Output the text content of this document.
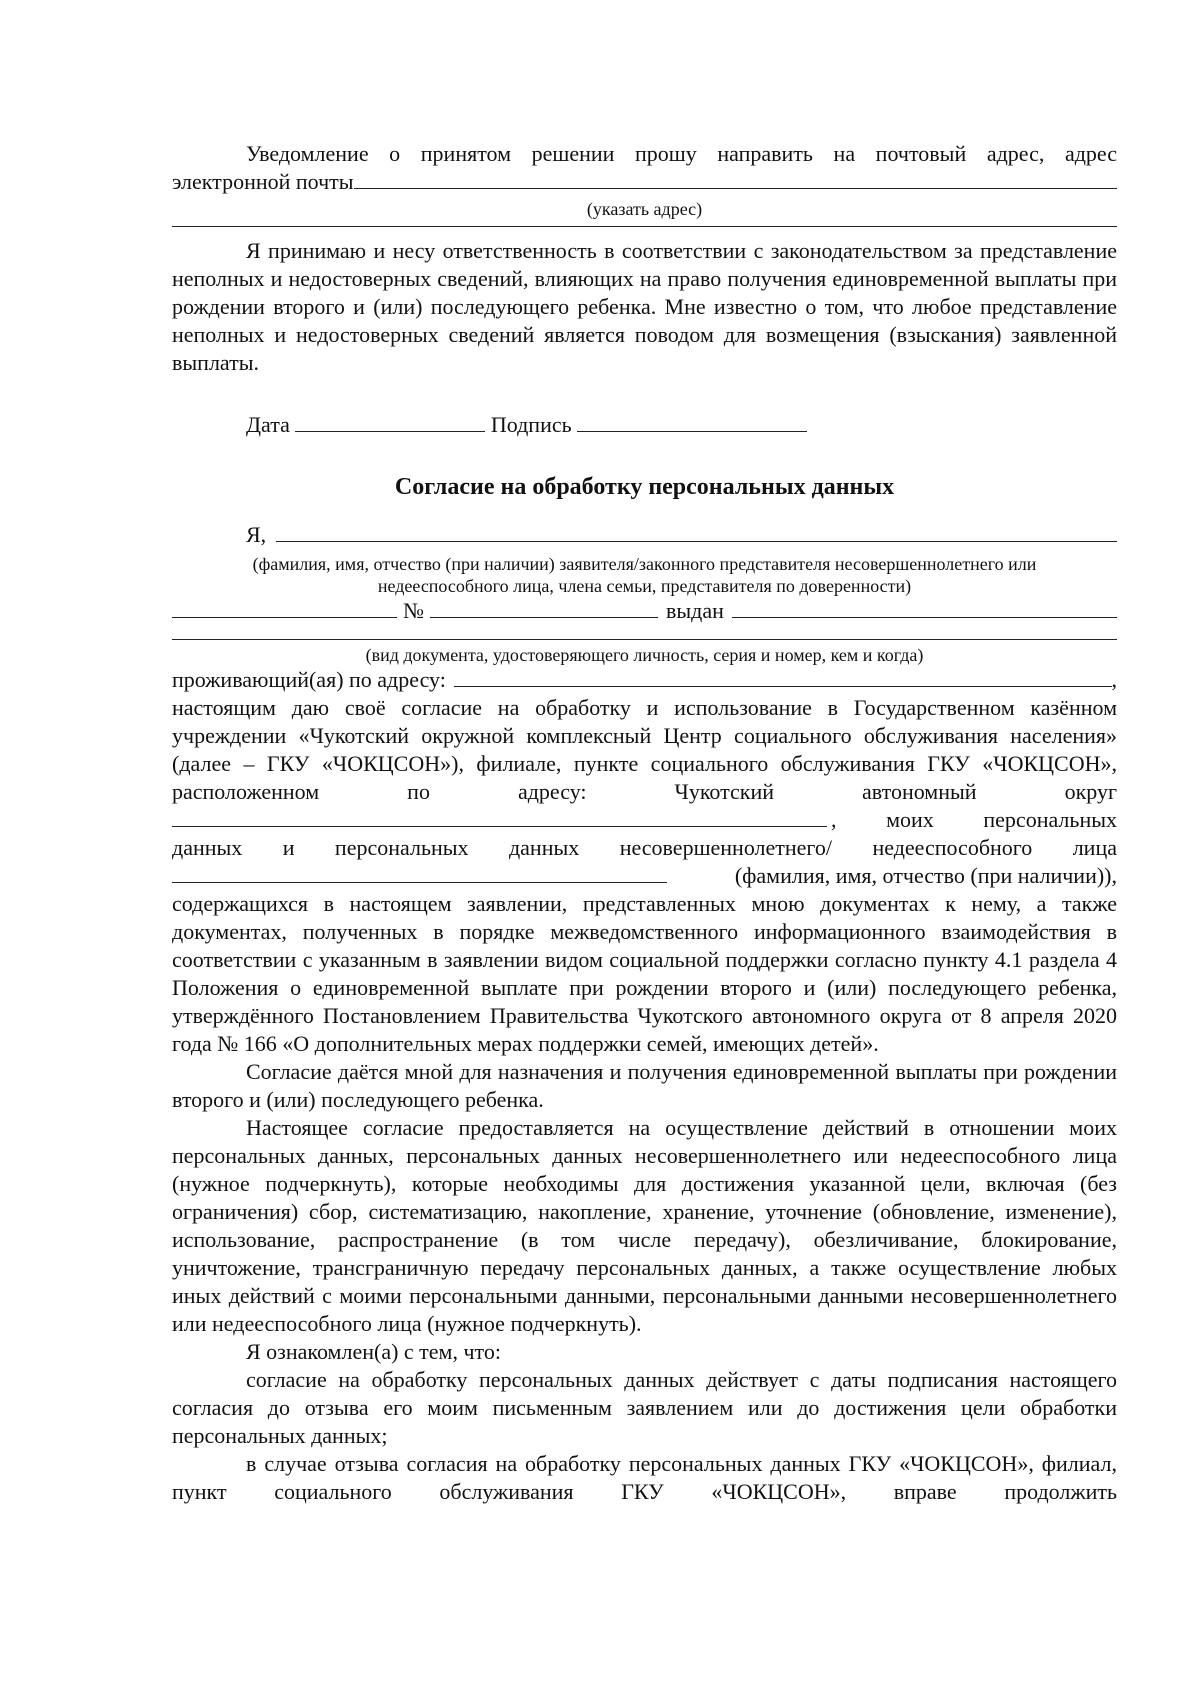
Уведомление о принятом решении прошу направить на почтовый адрес, адрес

электронной почты
(указать адрес)

Я принимаю и несу ответственность в соответствии с законодательством за представление неполных и недостоверных сведений, влияющих на право получения единовременной выплаты при рождении второго и (или) последующего ребенка. Мне известно о том, что любое представление неполных и недостоверных сведений является поводом для возмещения (взыскания) заявленной выплаты.

Дата	Подпись

Согласие на обработку персональных данных
Я,
(фамилия, имя, отчество (при наличии) заявителя/законного представителя несовершеннолетнего или недееспособного лица, члена семьи, представителя по доверенности)
№	выдан
(вид документа, удостоверяющего личность, серия и номер, кем и когда)
проживающий(ая) по адресу:	,

настоящим даю своё согласие на обработку и использование в Государственном казённом учреждении «Чукотский окружной комплексный Центр социального обслуживания населения» (далее – ГКУ «ЧОКЦСОН»), филиале, пункте социального обслуживания ГКУ «ЧОКЦСОН», расположенном по адресу: Чукотский автономный округ

, моих персональных

данных и персональных данных несовершеннолетнего/ недееспособного лица

(фамилия, имя, отчество (при наличии)),

содержащихся в настоящем заявлении, представленных мною документах к нему, а также документах, полученных в порядке межведомственного информационного взаимодействия в соответствии с указанным в заявлении видом социальной поддержки согласно пункту 4.1 раздела 4 Положения о единовременной выплате при рождении второго и (или) последующего ребенка, утверждённого Постановлением Правительства Чукотского автономного округа от 8 апреля 2020 года № 166 «О дополнительных мерах поддержки семей, имеющих детей».

Согласие даётся мной для назначения и получения единовременной выплаты при рождении второго и (или) последующего ребенка.

Настоящее согласие предоставляется на осуществление действий в отношении моих персональных данных, персональных данных несовершеннолетнего или недееспособного лица (нужное подчеркнуть), которые необходимы для достижения указанной цели, включая (без ограничения) сбор, систематизацию, накопление, хранение, уточнение (обновление, изменение), использование, распространение (в том числе передачу), обезличивание, блокирование, уничтожение, трансграничную передачу персональных данных, а также осуществление любых иных действий с моими персональными данными, персональными данными несовершеннолетнего или недееспособного лица (нужное подчеркнуть).

Я ознакомлен(а) с тем, что:

согласие на обработку персональных данных действует с даты подписания настоящего согласия до отзыва его моим письменным заявлением или до достижения цели обработки персональных данных;

в случае отзыва согласия на обработку персональных данных ГКУ «ЧОКЦСОН», филиал, пункт социального обслуживания ГКУ «ЧОКЦСОН», вправе продолжить
